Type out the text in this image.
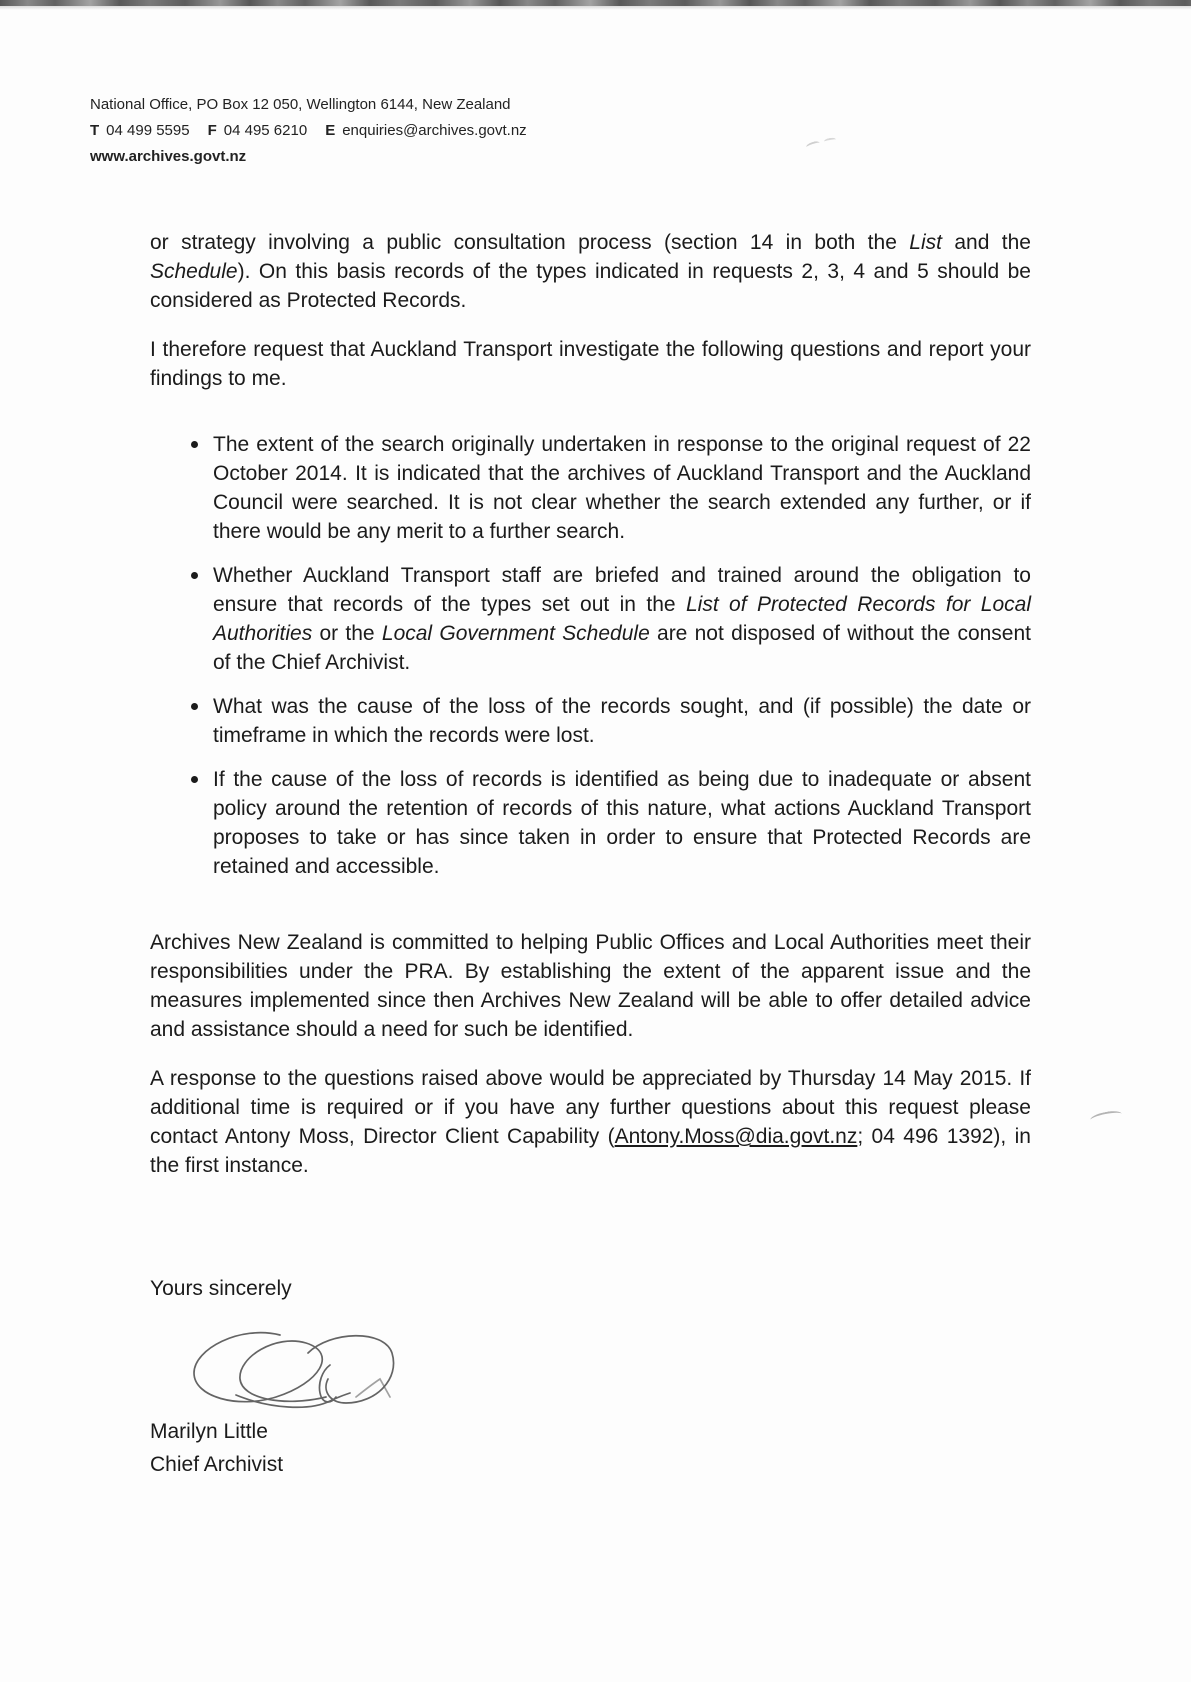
National Office, PO Box 12 050, Wellington 6144, New Zealand
T 04 499 5595 F 04 495 6210 E enquiries@archives.govt.nz
www.archives.govt.nz

or strategy involving a public consultation process (section 14 in both the List and the Schedule). On this basis records of the types indicated in requests 2, 3, 4 and 5 should be considered as Protected Records.

I therefore request that Auckland Transport investigate the following questions and report your findings to me.

The extent of the search originally undertaken in response to the original request of 22 October 2014. It is indicated that the archives of Auckland Transport and the Auckland Council were searched. It is not clear whether the search extended any further, or if there would be any merit to a further search.
Whether Auckland Transport staff are briefed and trained around the obligation to ensure that records of the types set out in the List of Protected Records for Local Authorities or the Local Government Schedule are not disposed of without the consent of the Chief Archivist.
What was the cause of the loss of the records sought, and (if possible) the date or timeframe in which the records were lost.
If the cause of the loss of records is identified as being due to inadequate or absent policy around the retention of records of this nature, what actions Auckland Transport proposes to take or has since taken in order to ensure that Protected Records are retained and accessible.

Archives New Zealand is committed to helping Public Offices and Local Authorities meet their responsibilities under the PRA. By establishing the extent of the apparent issue and the measures implemented since then Archives New Zealand will be able to offer detailed advice and assistance should a need for such be identified.

A response to the questions raised above would be appreciated by Thursday 14 May 2015. If additional time is required or if you have any further questions about this request please contact Antony Moss, Director Client Capability (Antony.Moss@dia.govt.nz; 04 496 1392), in the first instance.

Yours sincerely

Marilyn Little
Chief Archivist
